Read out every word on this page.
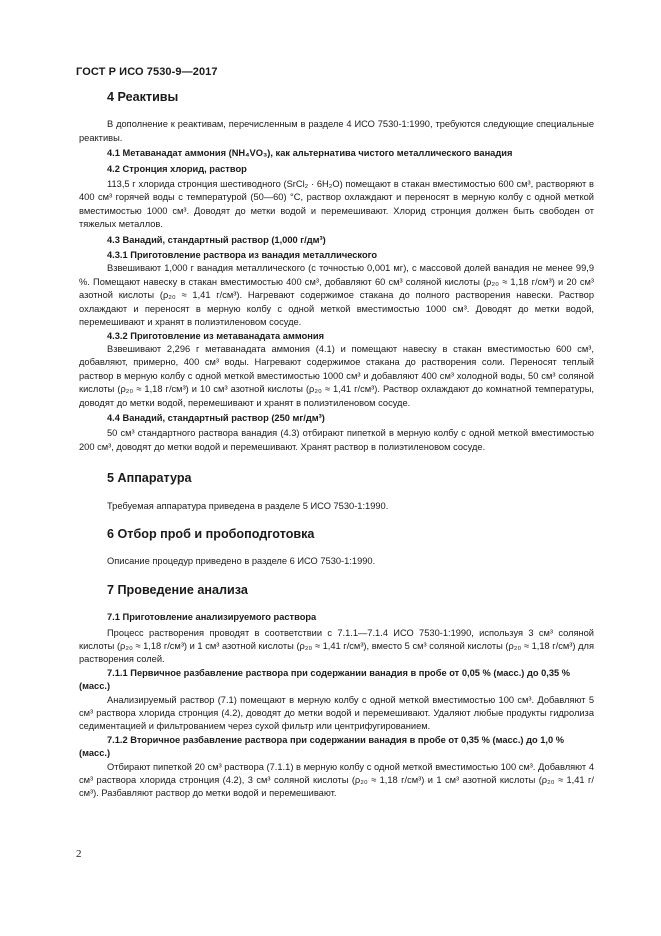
ГОСТ Р ИСО 7530-9—2017
4 Реактивы

В дополнение к реактивам, перечисленным в разделе 4 ИСО 7530-1:1990, требуются следующие специальные реактивы.

4.1 Метаванадат аммония (NH₄VO₃), как альтернатива чистого металлического ванадия
4.2 Стронция хлорид, раствор

113,5 г хлорида стронция шестиводного (SrCl₂ · 6H₂O) помещают в стакан вместимостью 600 см³, растворяют в 400 см³ горячей воды с температурой (50—60) °С, раствор охлаждают и переносят в мерную колбу с одной меткой вместимостью 1000 см³. Доводят до метки водой и перемешивают. Хлорид стронция должен быть свободен от тяжелых металлов.

4.3 Ванадий, стандартный раствор (1,000 г/дм³)
4.3.1 Приготовление раствора из ванадия металлического

Взвешивают 1,000 г ванадия металлического (с точностью 0,001 мг), с массовой долей ванадия не менее 99,9 %. Помещают навеску в стакан вместимостью 400 см³, добавляют 60 см³ соляной кислоты (ρ₂₀ ≈ 1,18 г/см³) и 20 см³ азотной кислоты (ρ₂₀ ≈ 1,41 г/см³). Нагревают содержимое стакана до полного растворения навески. Раствор охлаждают и переносят в мерную колбу с одной меткой вместимостью 1000 см³. Доводят до метки водой, перемешивают и хранят в полиэтиленовом сосуде.

4.3.2 Приготовление из метаванадата аммония

Взвешивают 2,296 г метаванадата аммония (4.1) и помещают навеску в стакан вместимостью 600 см³, добавляют, примерно, 400 см³ воды. Нагревают содержимое стакана до растворения соли. Переносят теплый раствор в мерную колбу с одной меткой вместимостью 1000 см³ и добавляют 400 см³ холодной воды, 50 см³ соляной кислоты (ρ₂₀ ≈ 1,18 г/см³) и 10 см³ азотной кислоты (ρ₂₀ ≈ 1,41 г/см³). Раствор охлаждают до комнатной температуры, доводят до метки водой, перемешивают и хранят в полиэтиленовом сосуде.

4.4 Ванадий, стандартный раствор (250 мг/дм³)

50 см³ стандартного раствора ванадия (4.3) отбирают пипеткой в мерную колбу с одной меткой вместимостью 200 см³, доводят до метки водой и перемешивают. Хранят раствор в полиэтиленовом сосуде.

5 Аппаратура

Требуемая аппаратура приведена в разделе 5 ИСО 7530-1:1990.

6 Отбор проб и пробоподготовка

Описание процедур приведено в разделе 6 ИСО 7530-1:1990.

7 Проведение анализа
7.1 Приготовление анализируемого раствора

Процесс растворения проводят в соответствии с 7.1.1—7.1.4 ИСО 7530-1:1990, используя 3 см³ соляной кислоты (ρ₂₀ ≈ 1,18 г/см³) и 1 см³ азотной кислоты (ρ₂₀ ≈ 1,41 г/см³), вместо 5 см³ соляной кислоты (ρ₂₀ ≈ 1,18 г/см³) для растворения солей.

7.1.1 Первичное разбавление раствора при содержании ванадия в пробе от 0,05 % (масс.) до 0,35 % (масс.)

Анализируемый раствор (7.1) помещают в мерную колбу с одной меткой вместимостью 100 см³. Добавляют 5 см³ раствора хлорида стронция (4.2), доводят до метки водой и перемешивают. Удаляют любые продукты гидролиза седиментацией и фильтрованием через сухой фильтр или центрифугированием.

7.1.2 Вторичное разбавление раствора при содержании ванадия в пробе от 0,35 % (масс.) до 1,0 % (масс.)

Отбирают пипеткой 20 см³ раствора (7.1.1) в мерную колбу с одной меткой вместимостью 100 см³. Добавляют 4 см³ раствора хлорида стронция (4.2), 3 см³ соляной кислоты (ρ₂₀ ≈ 1,18 г/см³) и 1 см³ азотной кислоты (ρ₂₀ ≈ 1,41 г/см³). Разбавляют раствор до метки водой и перемешивают.

2
